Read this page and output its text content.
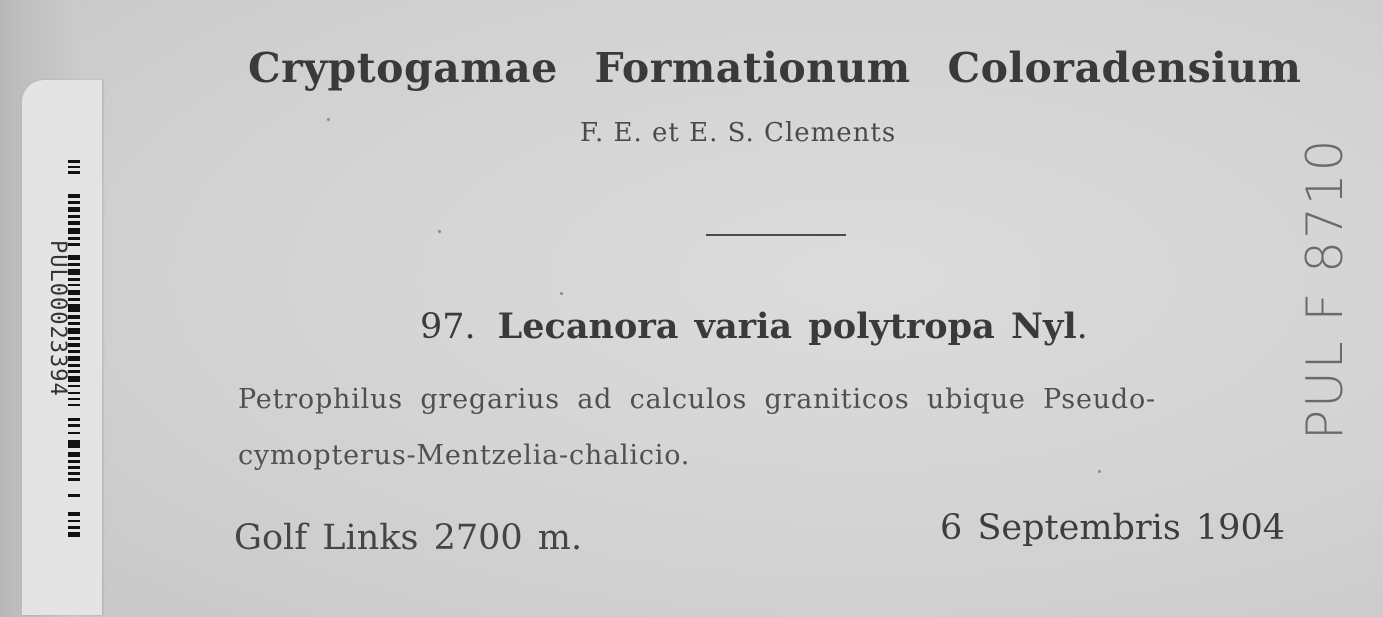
PUL00023394
Cryptogamae Formationum Coloradensium
F. E. et E. S. Clements
97. Lecanora varia polytropa Nyl.
Petrophilus gregarius ad calculos graniticos ubique Pseudo-
cymopterus-Mentzelia-chalicio.
Golf Links 2700 m.	6 Septembris 1904
PUL F 8710
